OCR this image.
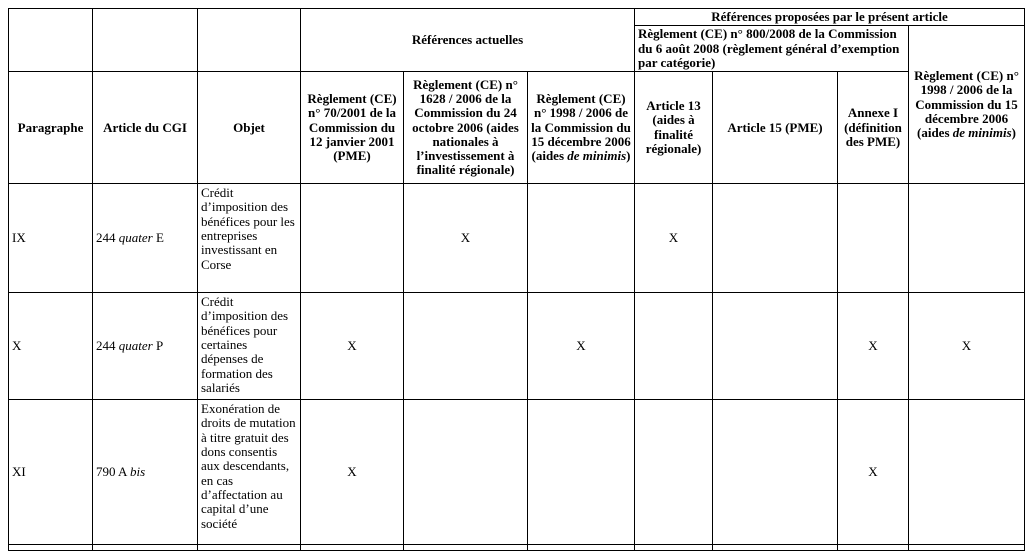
			Références actuelles			Références proposées par le présent article			
						Règlement (CE) n° 800/2008 de la Commission du 6 août 2008 (règlement général d’exemption par catégorie)			Règlement (CE) n° 1998 / 2006 de la Commission du 15 décembre 2006 (aides de minimis)
Paragraphe	Article du CGI	Objet	Règlement (CE) n° 70/2001 de la Commission du 12 janvier 2001 (PME)	Règlement (CE) n° 1628 / 2006 de la Commission du 24 octobre 2006 (aides nationales à l’investissement à finalité régionale)	Règlement (CE) n° 1998 / 2006 de la Commission du 15 décembre 2006 (aides de minimis)	Article 13 (aides à finalité régionale)	Article 15 (PME)	Annexe I (définition des PME)	
IX	244 quater E	Crédit d’imposition des bénéfices pour les entreprises investissant en Corse		X		X			
X	244 quater P	Crédit d’imposition des bénéfices pour certaines dépenses de formation des salariés	X		X			X	X
XI	790 A bis	Exonération de droits de mutation à titre gratuit des dons consentis aux descendants, en cas d’affectation au capital d’une société	X					X	
